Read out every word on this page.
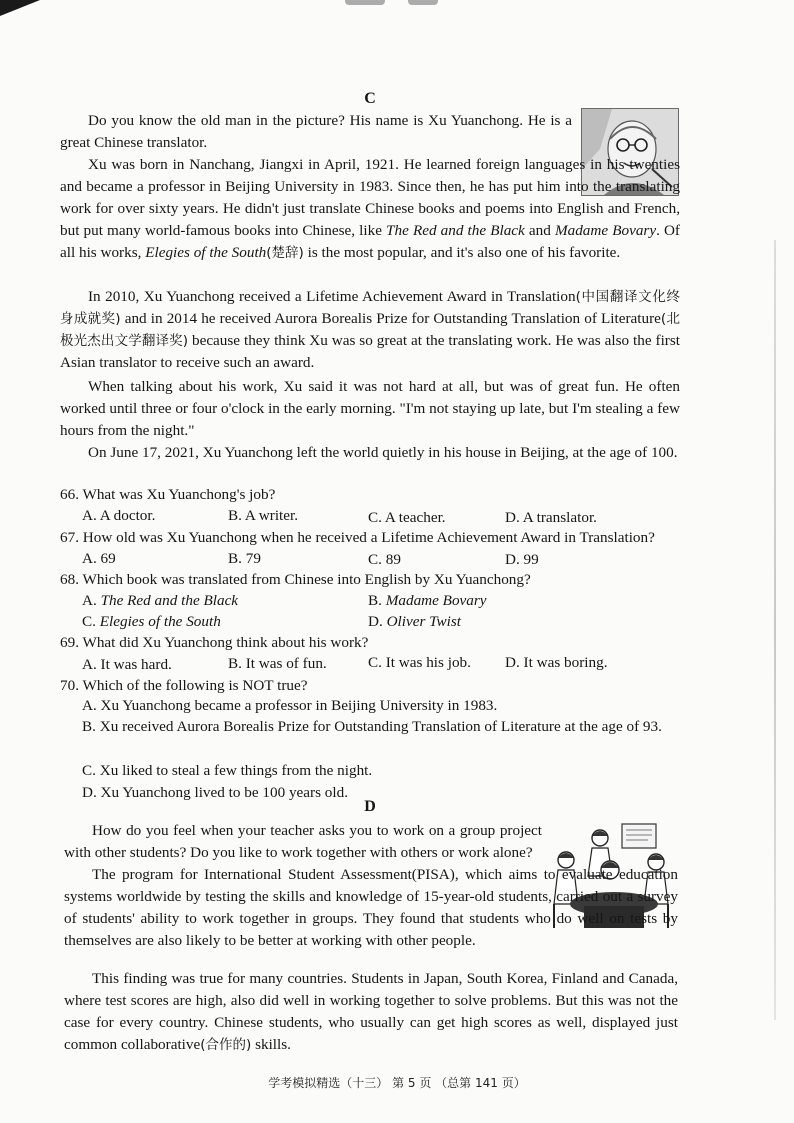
C
Do you know the old man in the picture? His name is Xu Yuanchong. He is a great Chinese translator.
Xu was born in Nanchang, Jiangxi in April, 1921. He learned foreign languages in his twenties and became a professor in Beijing University in 1983. Since then, he has put him into the translating work for over sixty years. He didn't just translate Chinese books and poems into English and French, but put many world-famous books into Chinese, like The Red and the Black and Madame Bovary. Of all his works, Elegies of the South(楚辞) is the most popular, and it's also one of his favorite.
In 2010, Xu Yuanchong received a Lifetime Achievement Award in Translation(中国翻译文化终身成就奖) and in 2014 he received Aurora Borealis Prize for Outstanding Translation of Literature(北极光杰出文学翻译奖) because they think Xu was so great at the translating work. He was also the first Asian translator to receive such an award.
When talking about his work, Xu said it was not hard at all, but was of great fun. He often worked until three or four o'clock in the early morning. "I'm not staying up late, but I'm stealing a few hours from the night."
On June 17, 2021, Xu Yuanchong left the world quietly in his house in Beijing, at the age of 100.
66. What was Xu Yuanchong's job?
A. A doctor.	B. A writer.	C. A teacher.	D. A translator.
67. How old was Xu Yuanchong when he received a Lifetime Achievement Award in Translation?
A. 69	B. 79	C. 89	D. 99
68. Which book was translated from Chinese into English by Xu Yuanchong?
A. The Red and the Black	B. Madame Bovary
C. Elegies of the South	D. Oliver Twist
69. What did Xu Yuanchong think about his work?
A. It was hard.	B. It was of fun.	C. It was his job. D. It was boring.
70. Which of the following is NOT true?
A. Xu Yuanchong became a professor in Beijing University in 1983.
B. Xu received Aurora Borealis Prize for Outstanding Translation of Literature at the age of 93.
C. Xu liked to steal a few things from the night.
D. Xu Yuanchong lived to be 100 years old.
D
How do you feel when your teacher asks you to work on a group project with other students? Do you like to work together with others or work alone?
The program for International Student Assessment(PISA), which aims to evaluate education systems worldwide by testing the skills and knowledge of 15-year-old students, carried out a survey of students' ability to work together in groups. They found that students who do well on tests by themselves are also likely to be better at working with other people.
This finding was true for many countries. Students in Japan, South Korea, Finland and Canada, where test scores are high, also did well in working together to solve problems. But this was not the case for every country. Chinese students, who usually can get high scores as well, displayed just common collaborative(合作的) skills.
学考模拟精选（十三） 第 5 页 （总第 141 页）
